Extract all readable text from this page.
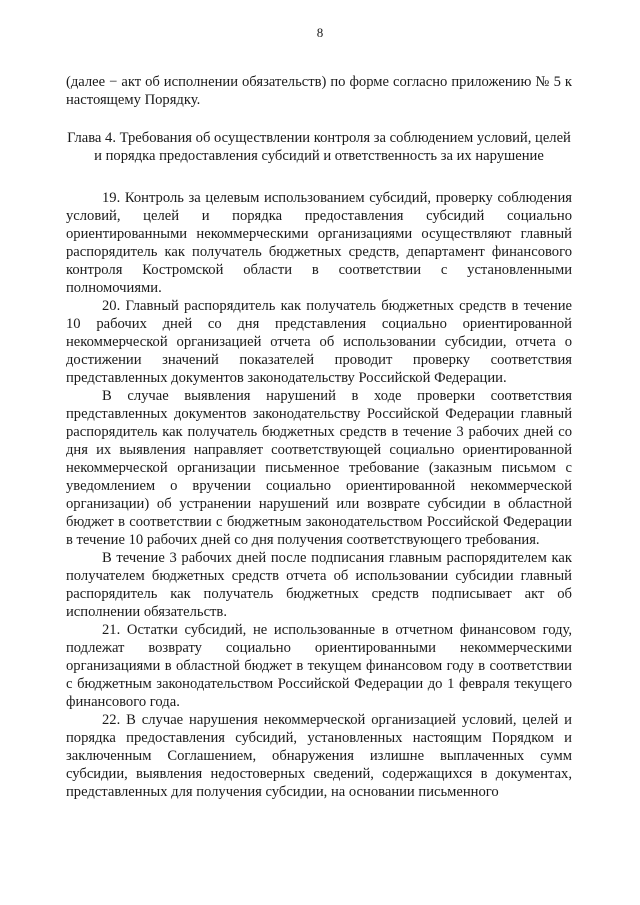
8

(далее − акт об исполнении обязательств) по форме согласно приложению № 5 к настоящему Порядку.

Глава 4. Требования об осуществлении контроля за соблюдением условий, целей и порядка предоставления субсидий и ответственность за их нарушение

19. Контроль за целевым использованием субсидий, проверку соблюдения условий, целей и порядка предоставления субсидий социально ориентированными некоммерческими организациями осуществляют главный распорядитель как получатель бюджетных средств, департамент финансового контроля Костромской области в соответствии с установленными полномочиями.

20. Главный распорядитель как получатель бюджетных средств в течение 10 рабочих дней со дня представления социально ориентированной некоммерческой организацией отчета об использовании субсидии, отчета о достижении значений показателей проводит проверку соответствия представленных документов законодательству Российской Федерации.

В случае выявления нарушений в ходе проверки соответствия представленных документов законодательству Российской Федерации главный распорядитель как получатель бюджетных средств в течение 3 рабочих дней со дня их выявления направляет соответствующей социально ориентированной некоммерческой организации письменное требование (заказным письмом с уведомлением о вручении социально ориентированной некоммерческой организации) об устранении нарушений или возврате субсидии в областной бюджет в соответствии с бюджетным законодательством Российской Федерации в течение 10 рабочих дней со дня получения соответствующего требования.

В течение 3 рабочих дней после подписания главным распорядителем как получателем бюджетных средств отчета об использовании субсидии главный распорядитель как получатель бюджетных средств подписывает акт об исполнении обязательств.

21. Остатки субсидий, не использованные в отчетном финансовом году, подлежат возврату социально ориентированными некоммерческими организациями в областной бюджет в текущем финансовом году в соответствии с бюджетным законодательством Российской Федерации до 1 февраля текущего финансового года.

22. В случае нарушения некоммерческой организацией условий, целей и порядка предоставления субсидий, установленных настоящим Порядком и заключенным Соглашением, обнаружения излишне выплаченных сумм субсидии, выявления недостоверных сведений, содержащихся в документах, представленных для получения субсидии, на основании письменного
